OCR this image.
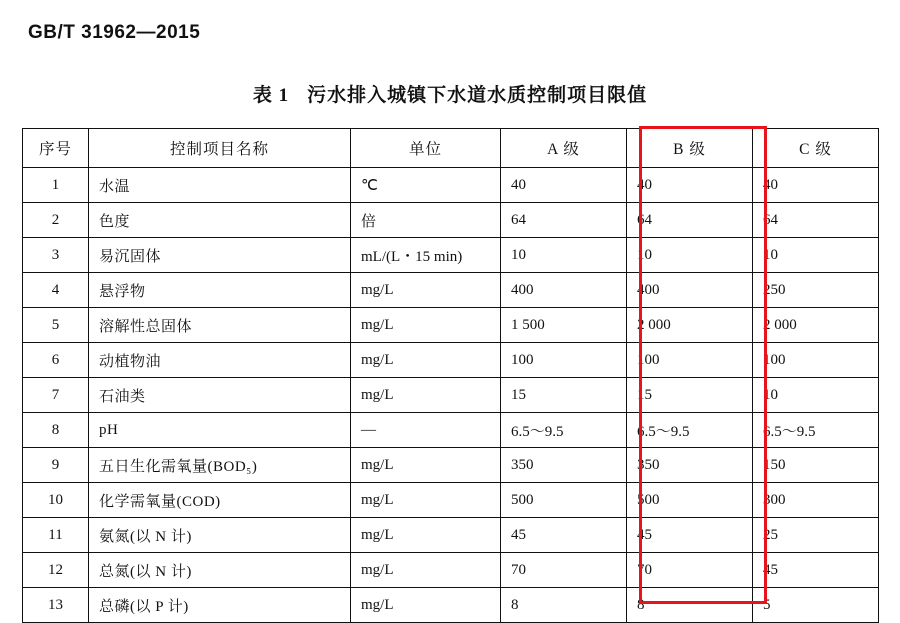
GB/T 31962—2015
表 1 污水排入城镇下水道水质控制项目限值
序号	控制项目名称	单位	A 级	B 级	C 级
1	水温	℃	40	40	40
2	色度	倍	64	64	64
3	易沉固体	mL/(L・15 min)	10	10	10
4	悬浮物	mg/L	400	400	250
5	溶解性总固体	mg/L	1 500	2 000	2 000
6	动植物油	mg/L	100	100	100
7	石油类	mg/L	15	15	10
8	pH	—	6.5～9.5	6.5～9.5	6.5～9.5
9	五日生化需氧量(BOD₅)	mg/L	350	350	150
10	化学需氧量(COD)	mg/L	500	500	300
11	氨氮(以 N 计)	mg/L	45	45	25
12	总氮(以 N 计)	mg/L	70	70	45
13	总磷(以 P 计)	mg/L	8	8	5
